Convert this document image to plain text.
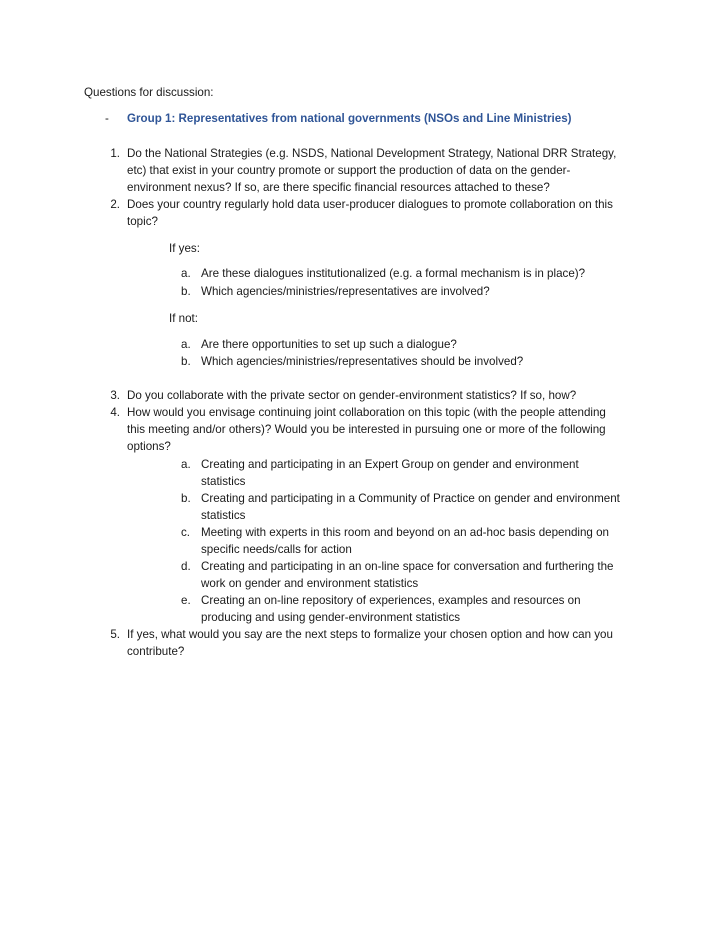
Questions for discussion:
- Group 1: Representatives from national governments (NSOs and Line Ministries)
1. Do the National Strategies (e.g. NSDS, National Development Strategy, National DRR Strategy,
etc) that exist in your country promote or support the production of data on the gender-
environment nexus? If so, are there specific financial resources attached to these?
2. Does your country regularly hold data user-producer dialogues to promote collaboration on this
topic?
If yes:
a. Are these dialogues institutionalized (e.g. a formal mechanism is in place)?
b. Which agencies/ministries/representatives are involved?
If not:
a. Are there opportunities to set up such a dialogue?
b. Which agencies/ministries/representatives should be involved?
3. Do you collaborate with the private sector on gender-environment statistics? If so, how?
4. How would you envisage continuing joint collaboration on this topic (with the people attending
this meeting and/or others)? Would you be interested in pursuing one or more of the following
options?
a. Creating and participating in an Expert Group on gender and environment
statistics
b. Creating and participating in a Community of Practice on gender and environment
statistics
c. Meeting with experts in this room and beyond on an ad-hoc basis depending on
specific needs/calls for action
d. Creating and participating in an on-line space for conversation and furthering the
work on gender and environment statistics
e. Creating an on-line repository of experiences, examples and resources on
producing and using gender-environment statistics
5. If yes, what would you say are the next steps to formalize your chosen option and how can you
contribute?
